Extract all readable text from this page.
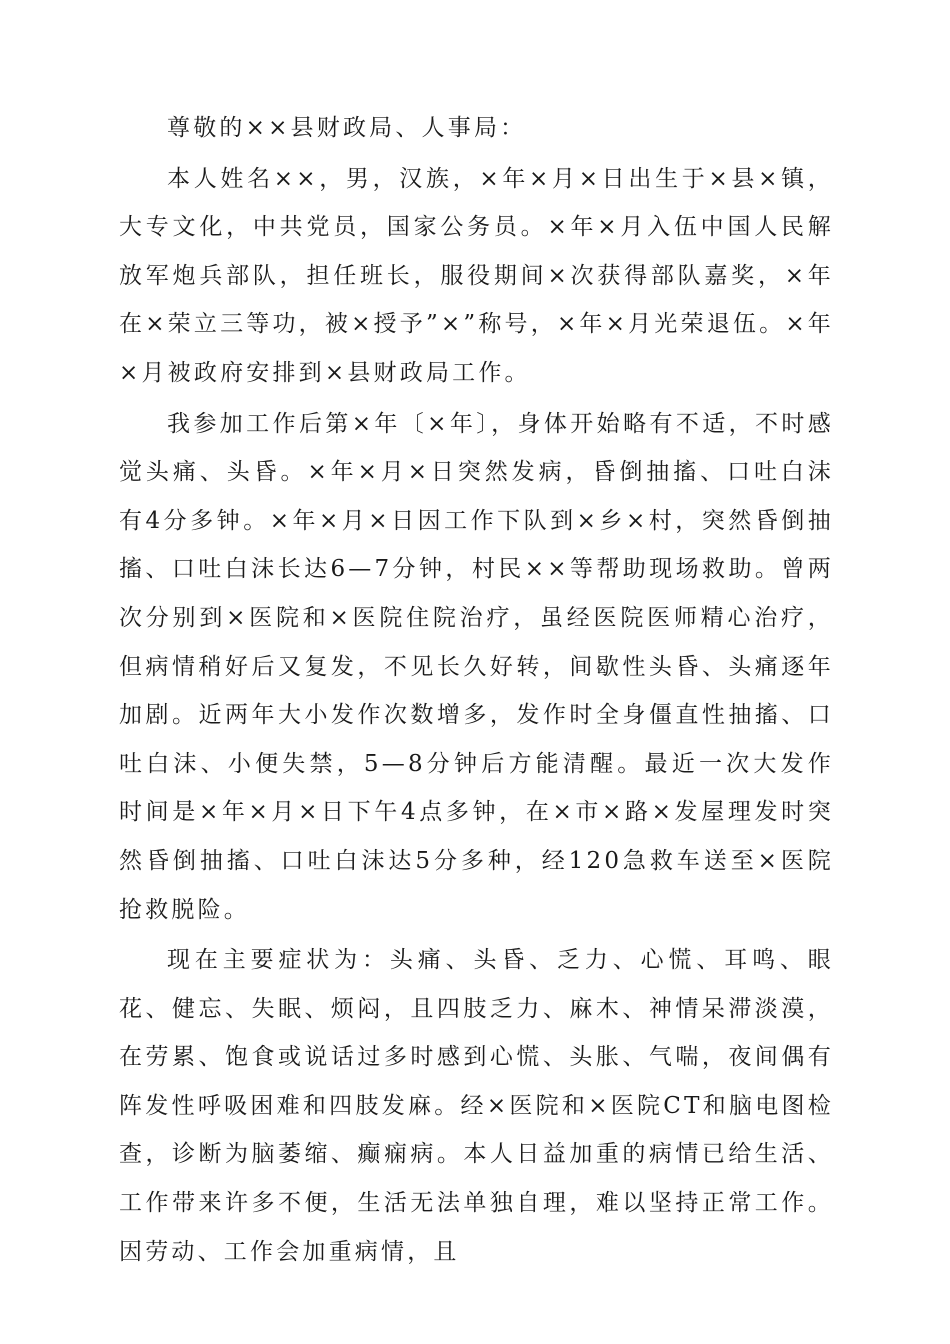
尊敬的××县财政局、人事局：

本人姓名××，男，汉族，×年×月×日出生于×县×镇，大专文化，中共党员，国家公务员。×年×月入伍中国人民解放军炮兵部队，担任班长，服役期间×次获得部队嘉奖，×年在×荣立三等功，被×授予”×”称号，×年×月光荣退伍。×年×月被政府安排到×县财政局工作。

我参加工作后第×年〔×年〕，身体开始略有不适，不时感觉头痛、头昏。×年×月×日突然发病，昏倒抽搐、口吐白沫有4分多钟。×年×月×日因工作下队到×乡×村，突然昏倒抽搐、口吐白沫长达6—7分钟，村民××等帮助现场救助。曾两次分别到×医院和×医院住院治疗，虽经医院医师精心治疗，但病情稍好后又复发，不见长久好转，间歇性头昏、头痛逐年加剧。近两年大小发作次数增多，发作时全身僵直性抽搐、口吐白沫、小便失禁，5—8分钟后方能清醒。最近一次大发作时间是×年×月×日下午4点多钟，在×市×路×发屋理发时突然昏倒抽搐、口吐白沫达5分多种，经120急救车送至×医院抢救脱险。

现在主要症状为：头痛、头昏、乏力、心慌、耳鸣、眼花、健忘、失眠、烦闷，且四肢乏力、麻木、神情呆滞淡漠，在劳累、饱食或说话过多时感到心慌、头胀、气喘，夜间偶有阵发性呼吸困难和四肢发麻。经×医院和×医院CT和脑电图检查，诊断为脑萎缩、癫痫病。本人日益加重的病情已给生活、工作带来许多不便，生活无法单独自理，难以坚持正常工作。因劳动、工作会加重病情，且
